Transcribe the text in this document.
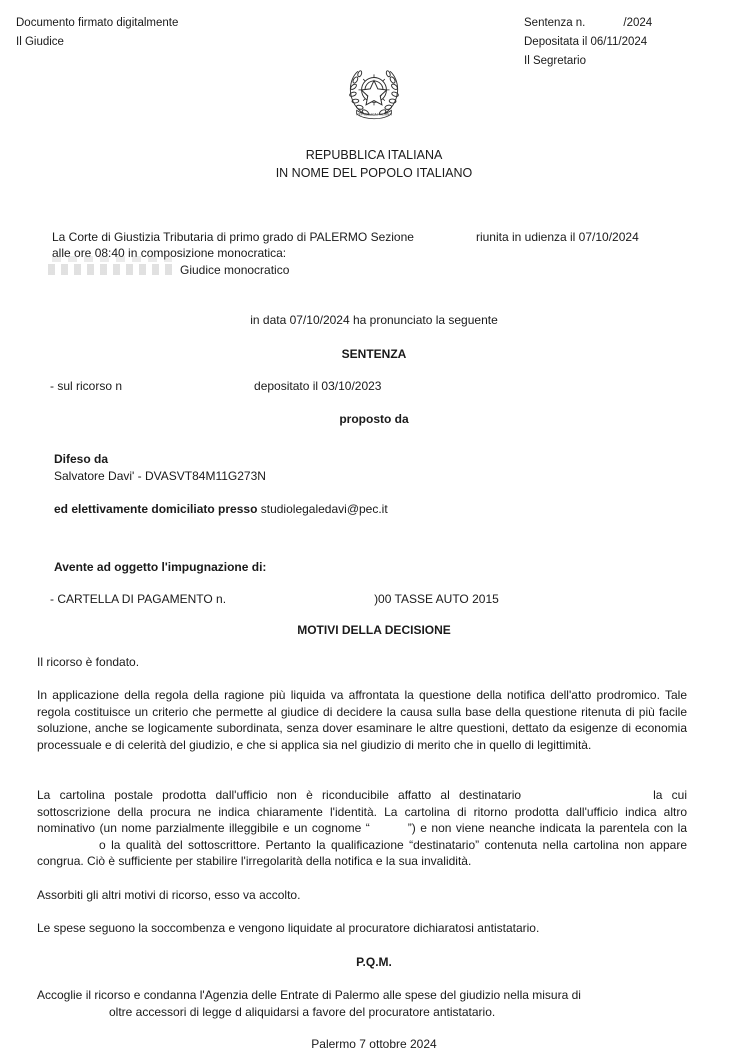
Documento firmato digitalmente
Il Giudice
Sentenza n.	/2024
Depositata il 06/11/2024
Il Segretario
REPVBBLICA ITALIANA
REPUBBLICA ITALIANA
IN NOME DEL POPOLO ITALIANO
La Corte di Giustizia Tributaria di primo grado di PALERMO Sezione	riunita in udienza il 07/10/2024
alle ore 08:40 in composizione monocratica:
Giudice monocratico
in data 07/10/2024 ha pronunciato la seguente
SENTENZA
- sul ricorso n	depositato il 03/10/2023
proposto da
Difeso da
Salvatore Davi' - DVASVT84M11G273N
ed elettivamente domiciliato presso studiolegaledavi@pec.it
Avente ad oggetto l'impugnazione di:
- CARTELLA DI PAGAMENTO n.	)00 TASSE AUTO 2015
MOTIVI DELLA DECISIONE
Il ricorso è fondato.
In applicazione della regola della ragione più liquida va affrontata la questione della notifica dell'atto prodromico. Tale regola costituisce un criterio che permette al giudice di decidere la causa sulla base della questione ritenuta di più facile soluzione, anche se logicamente subordinata, senza dover esaminare le altre questioni, dettato da esigenze di economia processuale e di celerità del giudizio, e che si applica sia nel giudizio di merito che in quello di legittimità.
La cartolina postale prodotta dall'ufficio non è riconducibile affatto al destinatario	la cui sottoscrizione della procura ne indica chiaramente l'identità. La cartolina di ritorno prodotta dall'ufficio indica altro nominativo (un nome parzialmente illeggibile e un cognome “	”) e non viene neanche indicata la parentela con lao la qualità del sottoscrittore. Pertanto la qualificazione “destinatario” contenuta nella cartolina non appare congrua. Ciò è sufficiente per stabilire l'irregolarità della notifica e la sua invalidità.
Assorbiti gli altri motivi di ricorso, esso va accolto.
Le spese seguono la soccombenza e vengono liquidate al procuratore dichiaratosi antistatario.
P.Q.M.
Accoglie il ricorso e condanna l'Agenzia delle Entrate di Palermo alle spese del giudizio nella misura di
oltre accessori di legge d aliquidarsi a favore del procuratore antistatario.
Palermo 7 ottobre 2024
